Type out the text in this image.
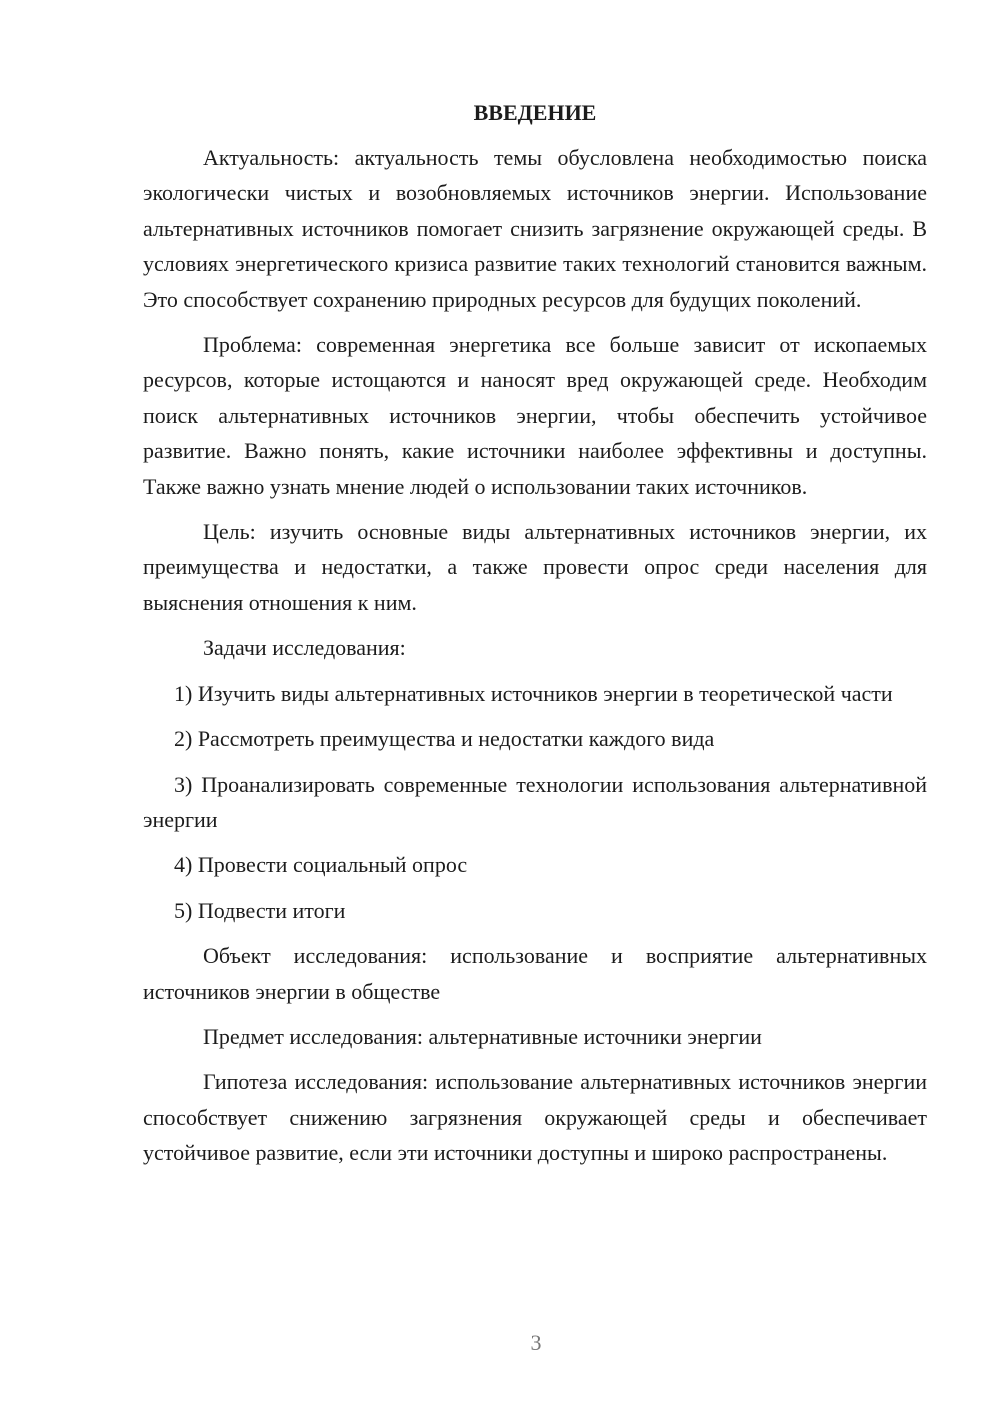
ВВЕДЕНИЕ

Актуальность: актуальность темы обусловлена необходимостью поиска экологически чистых и возобновляемых источников энергии. Использование альтернативных источников помогает снизить загрязнение окружающей среды. В условиях энергетического кризиса развитие таких технологий становится важным. Это способствует сохранению природных ресурсов для будущих поколений.

Проблема: современная энергетика все больше зависит от ископаемых ресурсов, которые истощаются и наносят вред окружающей среде. Необходим поиск альтернативных источников энергии, чтобы обеспечить устойчивое развитие. Важно понять, какие источники наиболее эффективны и доступны. Также важно узнать мнение людей о использовании таких источников.

Цель: изучить основные виды альтернативных источников энергии, их преимущества и недостатки, а также провести опрос среди населения для выяснения отношения к ним.

Задачи исследования:

1) Изучить виды альтернативных источников энергии в теоретической части

2) Рассмотреть преимущества и недостатки каждого вида

3) Проанализировать современные технологии использования альтернативной энергии

4) Провести социальный опрос

5) Подвести итоги

Объект исследования: использование и восприятие альтернативных источников энергии в обществе

Предмет исследования: альтернативные источники энергии

Гипотеза исследования: использование альтернативных источников энергии способствует снижению загрязнения окружающей среды и обеспечивает устойчивое развитие, если эти источники доступны и широко распространены.

3
